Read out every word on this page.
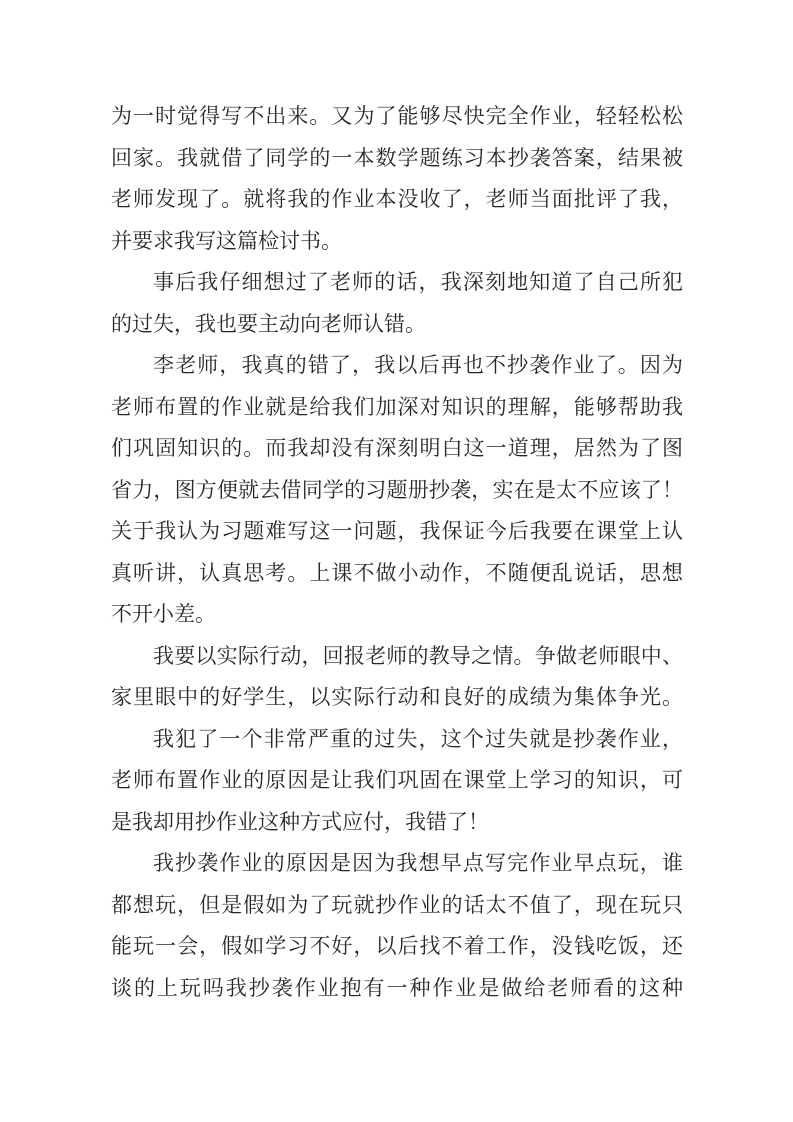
为一时觉得写不出来。又为了能够尽快完全作业，轻轻松松
回家。我就借了同学的一本数学题练习本抄袭答案，结果被
老师发现了。就将我的作业本没收了，老师当面批评了我，
并要求我写这篇检讨书。
事后我仔细想过了老师的话，我深刻地知道了自己所犯
的过失，我也要主动向老师认错。
李老师，我真的错了，我以后再也不抄袭作业了。因为
老师布置的作业就是给我们加深对知识的理解，能够帮助我
们巩固知识的。而我却没有深刻明白这一道理，居然为了图
省力，图方便就去借同学的习题册抄袭，实在是太不应该了！
关于我认为习题难写这一问题，我保证今后我要在课堂上认
真听讲，认真思考。上课不做小动作，不随便乱说话，思想
不开小差。
我要以实际行动，回报老师的教导之情。争做老师眼中、
家里眼中的好学生，以实际行动和良好的成绩为集体争光。
我犯了一个非常严重的过失，这个过失就是抄袭作业，
老师布置作业的原因是让我们巩固在课堂上学习的知识，可
是我却用抄作业这种方式应付，我错了！
我抄袭作业的原因是因为我想早点写完作业早点玩，谁
都想玩，但是假如为了玩就抄作业的话太不值了，现在玩只
能玩一会，假如学习不好，以后找不着工作，没钱吃饭，还
谈的上玩吗我抄袭作业抱有一种作业是做给老师看的这种
